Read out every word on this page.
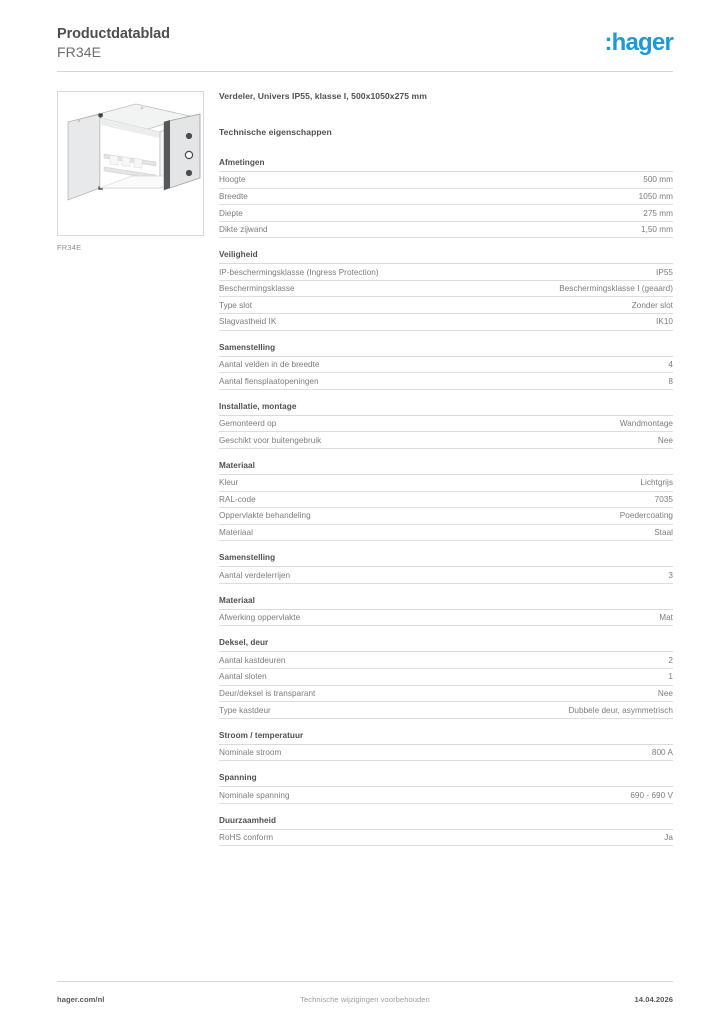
Productdatablad
FR34E	:hager
FR34E
Verdeler, Univers IP55, klasse I, 500x1050x275 mm
Technische eigenschappen
Afmetingen
Hoogte	500 mm
Breedte	1050 mm
Diepte	275 mm
Dikte zijwand	1,50 mm
Veiligheid
IP-beschermingsklasse (Ingress Protection)	IP55
Beschermingsklasse	Beschermingsklasse I (geaard)
Type slot	Zonder slot
Slagvastheid IK	IK10
Samenstelling
Aantal velden in de breedte	4
Aantal flensplaatopeningen	8
Installatie, montage
Gemonteerd op	Wandmontage
Geschikt voor buitengebruik	Nee
Materiaal
Kleur	Lichtgrijs
RAL-code	7035
Oppervlakte behandeling	Poedercoating
Materiaal	Staal
Samenstelling
Aantal verdelerrijen	3
Materiaal
Afwerking oppervlakte	Mat
Deksel, deur
Aantal kastdeuren	2
Aantal sloten	1
Deur/deksel is transparant	Nee
Type kastdeur	Dubbele deur, asymmetrisch
Stroom / temperatuur
Nominale stroom	800 A
Spanning
Nominale spanning	690 - 690 V
Duurzaamheid
RoHS conform	Ja
hager.com/nl	Technische wijzigingen voorbehouden	14.04.2026
